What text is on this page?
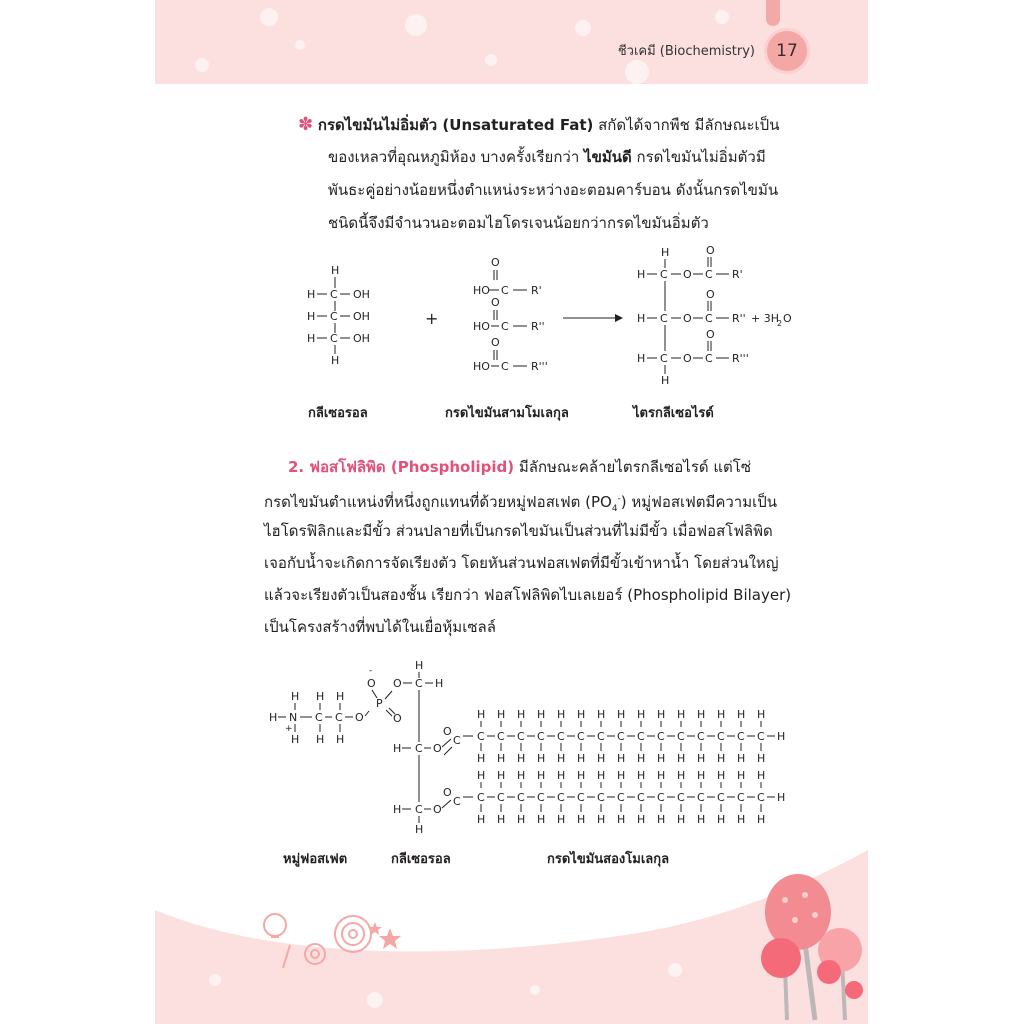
ชีวเคมี (Biochemistry)	17
✽ กรดไขมันไม่อิ่มตัว (Unsaturated Fat) สกัดได้จากพืช มีลักษณะเป็น
ของเหลวที่อุณหภูมิห้อง บางครั้งเรียกว่า ไขมันดี กรดไขมันไม่อิ่มตัวมี
พันธะคู่อย่างน้อยหนึ่งตำแหน่งระหว่างอะตอมคาร์บอน ดังนั้นกรดไขมัน
ชนิดนี้จึงมีจำนวนอะตอมไฮโดรเจนน้อยกว่ากรดไขมันอิ่มตัว
H
H C OH
H C OH
H C OH
H
+
O
HO C R'
O
HO C R''
O
HO C R'''
H
H C O C R'
O
H C O C R''
O
+ 3H
2 O
H C O C R'''
O
H
กลีเซอรอล	กรดไขมันสามโมเลกุล	ไตรกลีเซอไรด์
2. ฟอสโฟลิพิด (Phospholipid) มีลักษณะคล้ายไตรกลีเซอไรด์ แต่โซ่
กรดไขมันตำแหน่งที่หนึ่งถูกแทนที่ด้วยหมู่ฟอสเฟต $(PO_4^-)$ หมู่ฟอสเฟตมีความเป็น
ไฮโดรฟิลิกและมีขั้ว ส่วนปลายที่เป็นกรดไขมันเป็นส่วนที่ไม่มีขั้ว เมื่อฟอสโฟลิพิด
เจอกับน้ำจะเกิดการจัดเรียงตัว โดยหันส่วนฟอสเฟตที่มีขั้วเข้าหาน้ำ โดยส่วนใหญ่
แล้วจะเรียงตัวเป็นสองชั้น เรียกว่า ฟอสโฟลิพิดไบเลเยอร์ (Phospholipid Bilayer)
เป็นโครงสร้างที่พบได้ในเยื่อหุ้มเซลล์
H H H
H N C C O
+
H H H
-
O
P
O
O
H
C H
H C O
H C O
H
O
C
O
C
C
H
H
C
H
H
C
H
H
C
H
H
C
H
H
C
H
H
C
H
H
C
H
H
C
H
H
C
H
H
C
H
H
C
H
H
C
H
H
C
H
H
C
H
H
H
C
H
H
C
H
H
C
H
H
C
H
H
C
H
H
C
H
H
C
H
H
C
H
H
C
H
H
C
H
H
C
H
H
C
H
H
C
H
H
C
H
H
C
H
H
H
หมู่ฟอสเฟต	กลีเซอรอล	กรดไขมันสองโมเลกุล
